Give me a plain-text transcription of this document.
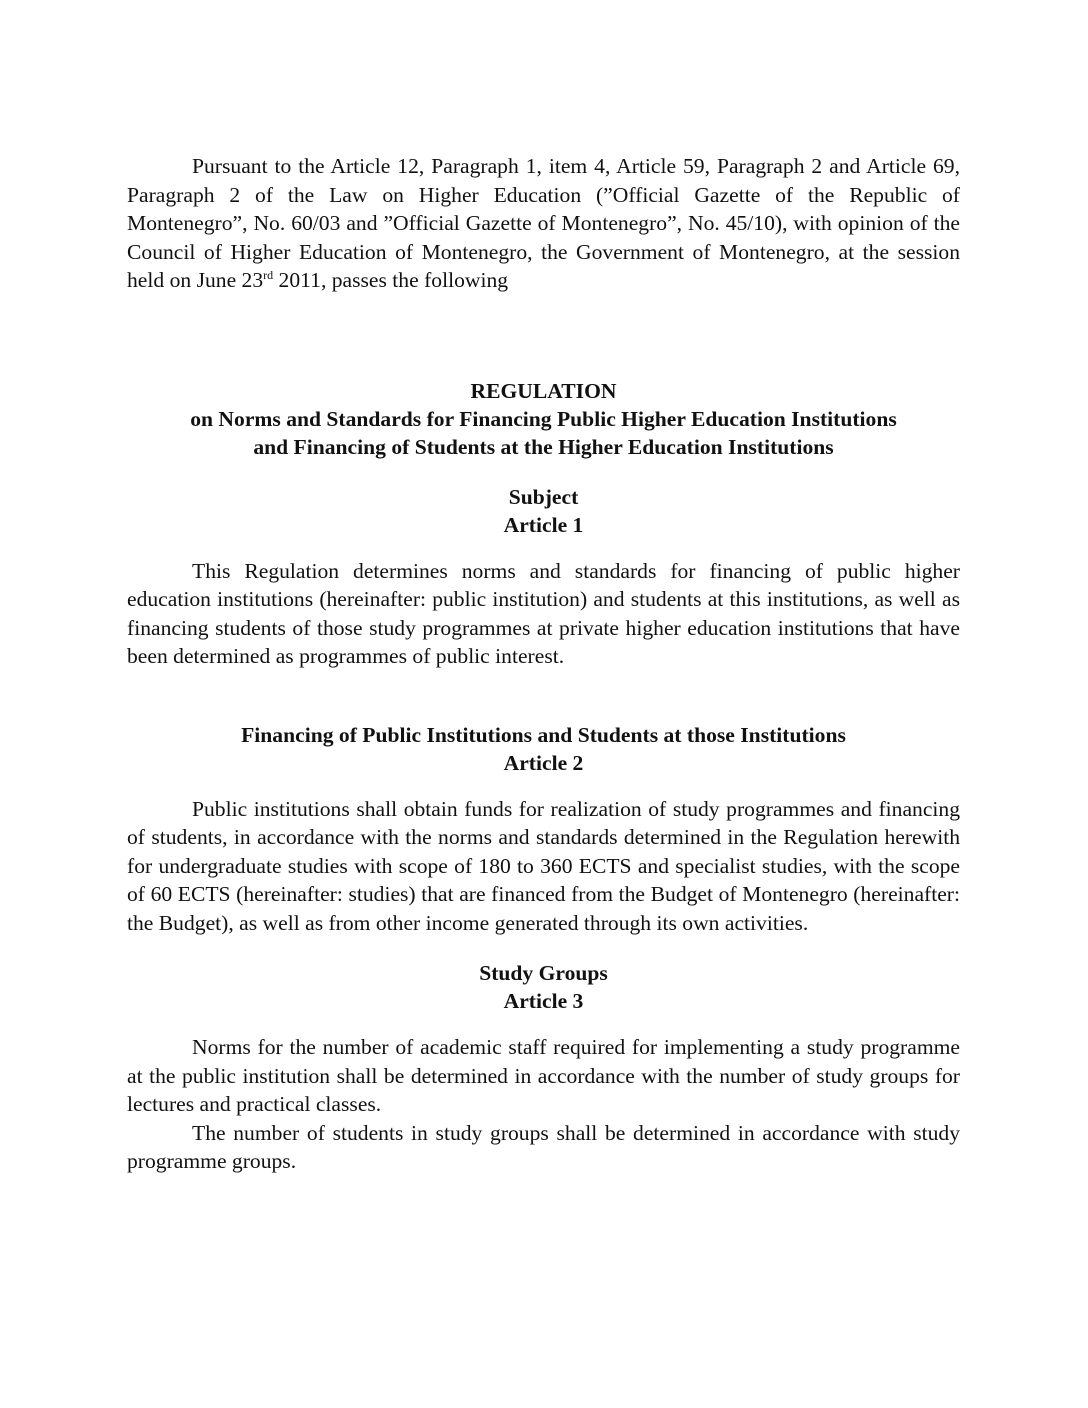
Pursuant to the Article 12, Paragraph 1, item 4, Article 59, Paragraph 2 and Article 69, Paragraph 2 of the Law on Higher Education (”Official Gazette of the Republic of Montenegro”, No. 60/03 and ”Official Gazette of Montenegro”, No. 45/10), with opinion of the Council of Higher Education of Montenegro, the Government of Montenegro, at the session held on June 23rd 2011, passes the following

REGULATION
on Norms and Standards for Financing Public Higher Education Institutions
and Financing of Students at the Higher Education Institutions
Subject
Article 1

This Regulation determines norms and standards for financing of public higher education institutions (hereinafter: public institution) and students at this institutions, as well as financing students of those study programmes at private higher education institutions that have been determined as programmes of public interest.

Financing of Public Institutions and Students at those Institutions
Article 2

Public institutions shall obtain funds for realization of study programmes and financing of students, in accordance with the norms and standards determined in the Regulation herewith for undergraduate studies with scope of 180 to 360 ECTS and specialist studies, with the scope of 60 ECTS (hereinafter: studies) that are financed from the Budget of Montenegro (hereinafter: the Budget), as well as from other income generated through its own activities.

Study Groups
Article 3

Norms for the number of academic staff required for implementing a study programme at the public institution shall be determined in accordance with the number of study groups for lectures and practical classes.

The number of students in study groups shall be determined in accordance with study programme groups.
